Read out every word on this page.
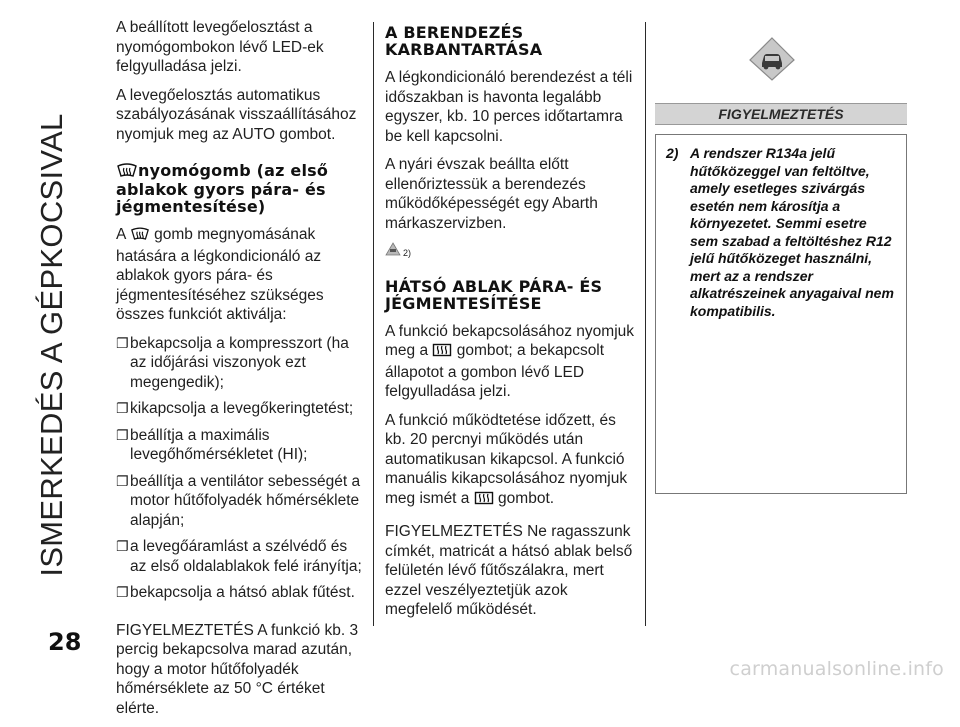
ISMERKEDÉS A GÉPKOCSIVAL
28
carmanualsonline.info

A beállított levegőelosztást a nyomógombokon lévő LED-ek felgyulladása jelzi.

A levegőelosztás automatikus szabályozásának visszaállításához nyomjuk meg az AUTO gombot.

nyomógomb (az első ablakok gyors pára- és jégmentesítése)

A gomb megnyomásának hatására a légkondicionáló az ablakok gyors pára- és jégmentesítéséhez szükséges összes funkciót aktiválja:

❐ bekapcsolja a kompresszort (ha az időjárási viszonyok ezt megengedik);
❐ kikapcsolja a levegőkeringtetést;
❐ beállítja a maximális levegőhőmérsékletet (HI);
❐ beállítja a ventilátor sebességét a motor hűtőfolyadék hőmérséklete alapján;
❐ a levegőáramlást a szélvédő és az első oldalablakok felé irányítja;
❐ bekapcsolja a hátsó ablak fűtést.

FIGYELMEZTETÉS A funkció kb. 3 percig bekapcsolva marad azután, hogy a motor hűtőfolyadék hőmérséklete az 50 °C értéket elérte.

A BERENDEZÉS KARBANTARTÁSA

A légkondicionáló berendezést a téli időszakban is havonta legalább egyszer, kb. 10 perces időtartamra be kell kapcsolni.

A nyári évszak beállta előtt ellenőriztessük a berendezés működőképességét egy Abarth márkaszervizben.

2)
HÁTSÓ ABLAK PÁRA- ÉS JÉGMENTESÍTÉSE

A funkció bekapcsolásához nyomjuk meg a gombot; a bekapcsolt állapotot a gombon lévő LED felgyulladása jelzi.

A funkció működtetése időzett, és kb. 20 percnyi működés után automatikusan kikapcsol. A funkció manuális kikapcsolásához nyomjuk meg ismét a gombot.

FIGYELMEZTETÉS Ne ragasszunk címkét, matricát a hátsó ablak belső felületén lévő fűtőszálakra, mert ezzel veszélyeztetjük azok megfelelő működését.

FIGYELMEZTETÉS
2) A rendszer R134a jelű hűtőközeggel van feltöltve, amely esetleges szivárgás esetén nem károsítja a környezetet. Semmi esetre sem szabad a feltöltéshez R12 jelű hűtőközeget használni, mert az a rendszer alkatrészeinek anyagaival nem kompatibilis.
